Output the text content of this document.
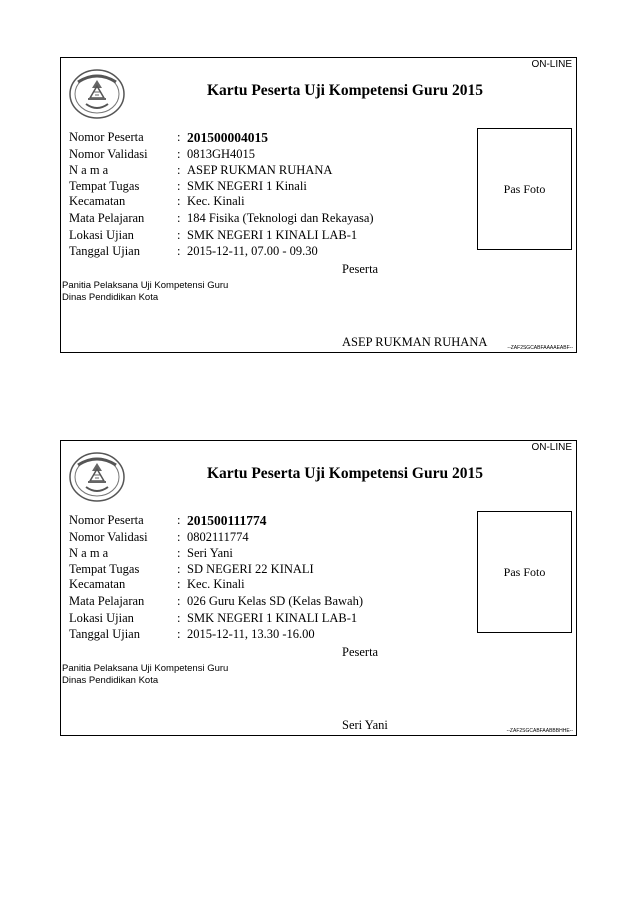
ON-LINE
Kartu Peserta Uji Kompetensi Guru 2015
Nomor Peserta	: 201500004015
Nomor Validasi : 0813GH4015
N a m a	: ASEP RUKMAN RUHANA
Tempat Tugas	: SMK NEGERI 1 Kinali
Kecamatan	: Kec. Kinali
Mata Pelajaran	: 184 Fisika (Teknologi dan Rekayasa)
Lokasi Ujian	: SMK NEGERI 1 KINALI LAB-1
Tanggal Ujian	: 2015-12-11, 07.00 - 09.30
Pas Foto
Peserta
Panitia Pelaksana Uji Kompetensi Guru
Dinas Pendidikan Kota
ASEP RUKMAN RUHANA	--ZAF2SGCABFAAAAEABF--
ON-LINE
Kartu Peserta Uji Kompetensi Guru 2015
Nomor Peserta	: 201500111774
Nomor Validasi : 0802111774
N a m a	: Seri Yani
Tempat Tugas	: SD NEGERI 22 KINALI
Kecamatan	: Kec. Kinali
Mata Pelajaran	: 026 Guru Kelas SD (Kelas Bawah)
Lokasi Ujian	: SMK NEGERI 1 KINALI LAB-1
Tanggal Ujian	: 2015-12-11, 13.30 -16.00
Pas Foto
Peserta
Panitia Pelaksana Uji Kompetensi Guru
Dinas Pendidikan Kota
Seri Yani	--ZAF2SGCABFAABBBHHE--
